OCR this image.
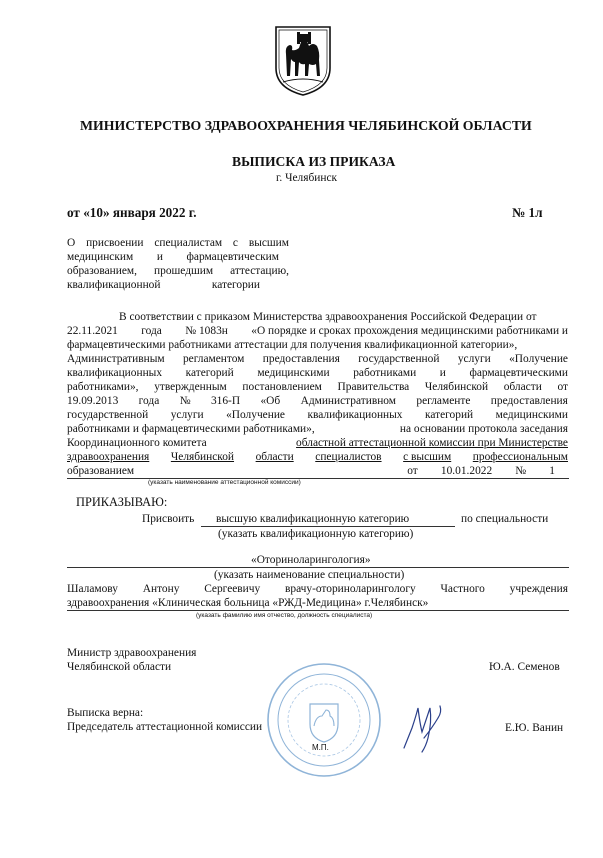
МИНИСТЕРСТВО ЗДРАВООХРАНЕНИЯ ЧЕЛЯБИНСКОЙ ОБЛАСТИ
ВЫПИСКА ИЗ ПРИКАЗА
г. Челябинск
от «10» января 2022 г.	№ 1л
О присвоении специалистам с высшим
медицинским и фармацевтическим
образованием, прошедшим аттестацию,
квалификационной	категории
В соответствии с приказом Министерства здравоохранения Российской Федерации от
22.11.2021 года № 1083н «О порядке и сроках прохождения медицинскими работниками и
фармацевтическими работниками аттестации для получения квалификационной категории»,
Административным регламентом предоставления государственной услуги «Получение
квалификационных категорий медицинскими работниками и фармацевтическими
работниками», утвержденным постановлением Правительства Челябинской области от
19.09.2013 года № 316-П «Об Административном регламенте предоставления
государственной услуги «Получение квалификационных категорий медицинскими
работниками и фармацевтическими работниками»,	на основании протокола заседания
Координационного комитета	областной аттестационной комиссии при Министерстве
здравоохранения Челябинской области специалистов с высшим профессиональным
образованием	от 10.01.2022 № 1
(указать наименование аттестационной комиссии)
ПРИКАЗЫВАЮ:
Присвоить высшую квалификационную категорию	по специальности
(указать квалификационную категорию)
«Оториноларингология»
(указать наименование специальности)
Шаламову Антону Сергеевичу врачу-оториноларингологу Частного учреждения
здравоохранения «Клиническая больница «РЖД-Медицина» г.Челябинск»
(указать фамилию имя отчество, должность специалиста)
Министр здравоохранения
Челябинской области	Ю.А. Семенов
Выписка верна:
Председатель аттестационной комиссии	Е.Ю. Ванин
М.П.
